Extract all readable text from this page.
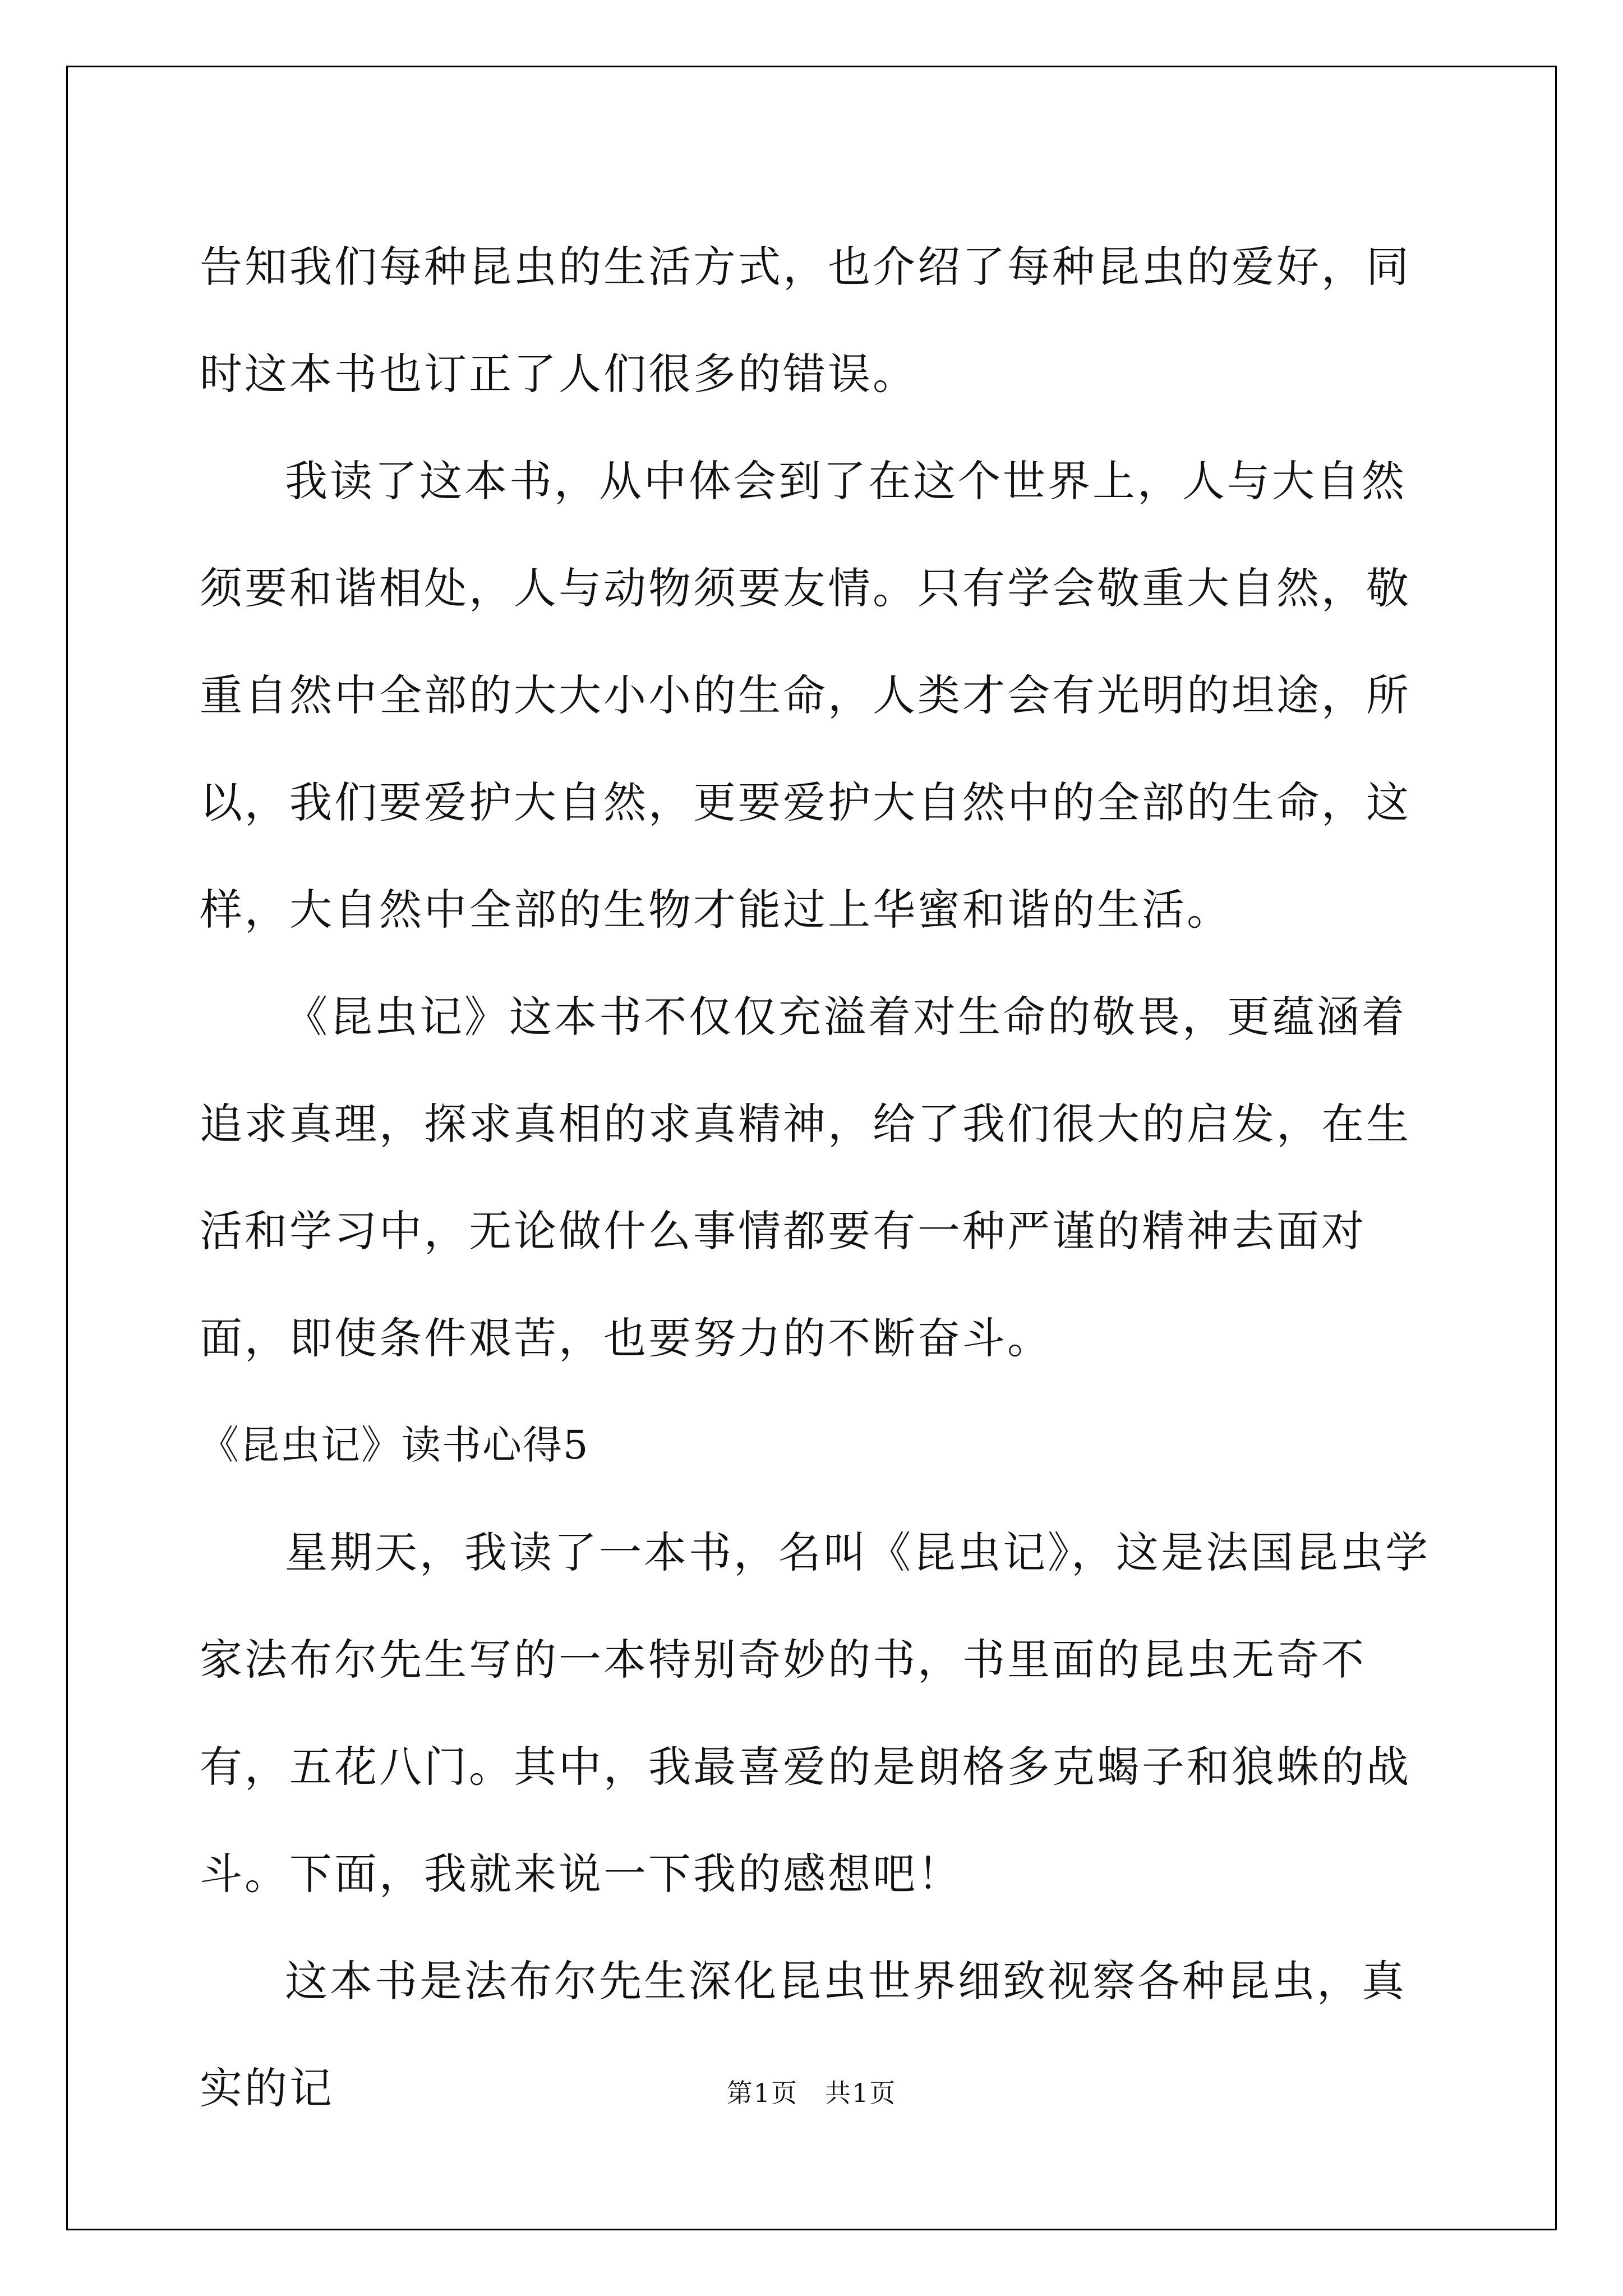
告知我们每种昆虫的生活方式，也介绍了每种昆虫的爱好，同时这本书也订正了人们很多的错误。

我读了这本书，从中体会到了在这个世界上，人与大自然须要和谐相处，人与动物须要友情。只有学会敬重大自然，敬重自然中全部的大大小小的生命，人类才会有光明的坦途，所以，我们要爱护大自然，更要爱护大自然中的全部的生命，这样，大自然中全部的生物才能过上华蜜和谐的生活。

《昆虫记》这本书不仅仅充溢着对生命的敬畏，更蕴涵着追求真理，探求真相的求真精神，给了我们很大的启发，在生活和学习中，无论做什么事情都要有一种严谨的精神去面对面，即使条件艰苦，也要努力的不断奋斗。

《昆虫记》读书心得5

星期天，我读了一本书，名叫《昆虫记》，这是法国昆虫学家法布尔先生写的一本特别奇妙的书，书里面的昆虫无奇不有，五花八门。其中，我最喜爱的是朗格多克蝎子和狼蛛的战斗。下面，我就来说一下我的感想吧！

这本书是法布尔先生深化昆虫世界细致视察各种昆虫，真实的记	第1页 共1页
